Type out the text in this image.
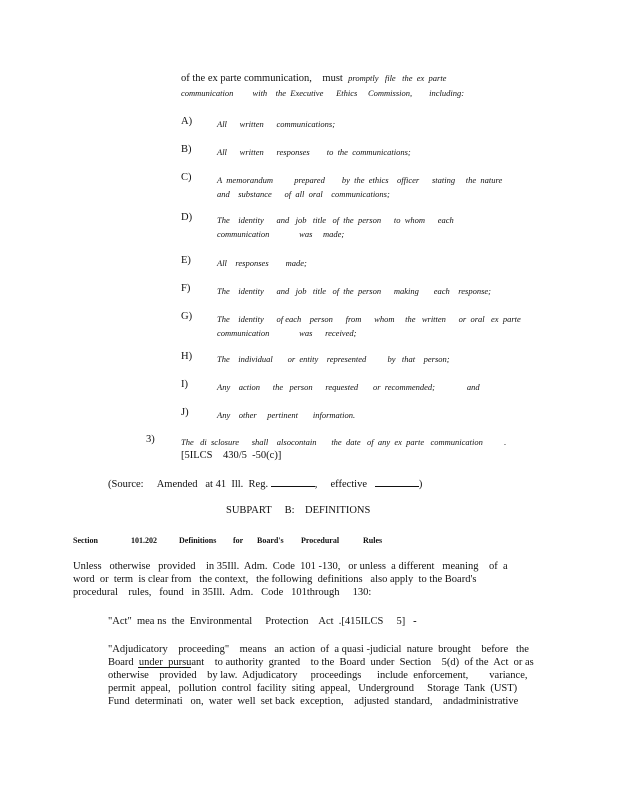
of the ex parte communication, must promptly   file   the  ex  parte
communication         with    the  Executive      Ethics     Commission,        including:
A)	All      written      communications;
B)	All      written      responses        to  the  communications;
C)	A  memorandum          prepared        by  the  ethics    officer      stating     the  nature
and    substance      of  all  oral    communications;
D)	The    identity      and   job   title   of  the  person      to  whom      each
communication              was     made;
E)	All    responses        made;
F)	The    identity      and   job   title   of  the  person      making       each    response;
G)	The    identity      of each    person      from      whom     the   written      or  oral   ex  parte
communication              was      received;
H)	The    individual       or  entity    represented          by   that    person;
I)	Any    action      the   person      requested       or  recommended;               and
J)	Any    other     pertinent       information.
3)	The   di  sclosure      shall    alsocontain       the  date   of  any  ex  parte   communication          .
[5ILCS    430/5  -50(c)]
(Source: Amended   at 41  Ill.  Reg.	, effective	)
SUBPART     B:    DEFINITIONS
Section	101.202	Definitions for Board's Procedural	Rules
Unless   otherwise   provided    in 35Ill.  Adm.  Code  101 -130,   or unless  a different   meaning    of  a
word  or  term  is clear from   the context,   the following  definitions   also apply  to the Board's
procedural    rules,   found   in 35Ill.  Adm.   Code   101through     130:
"Act"  mea ns  the  Environmental     Protection    Act  .[415ILCS     5] -
"Adjudicatory    proceeding"    means   an  action  of  a quasi -judicial  nature  brought    before   the
Board  under  pursuant    to authority  granted    to the  Board  under  Section    5(d)  of the  Act  or as
otherwise    provided    by law.  Adjudicatory     proceedings      include  enforcement,        variance,
permit  appeal,   pollution  control  facility  siting  appeal,   Underground     Storage  Tank  (UST)
Fund  determinati   on,  water  well  set back  exception,    adjusted  standard,    andadministrative
